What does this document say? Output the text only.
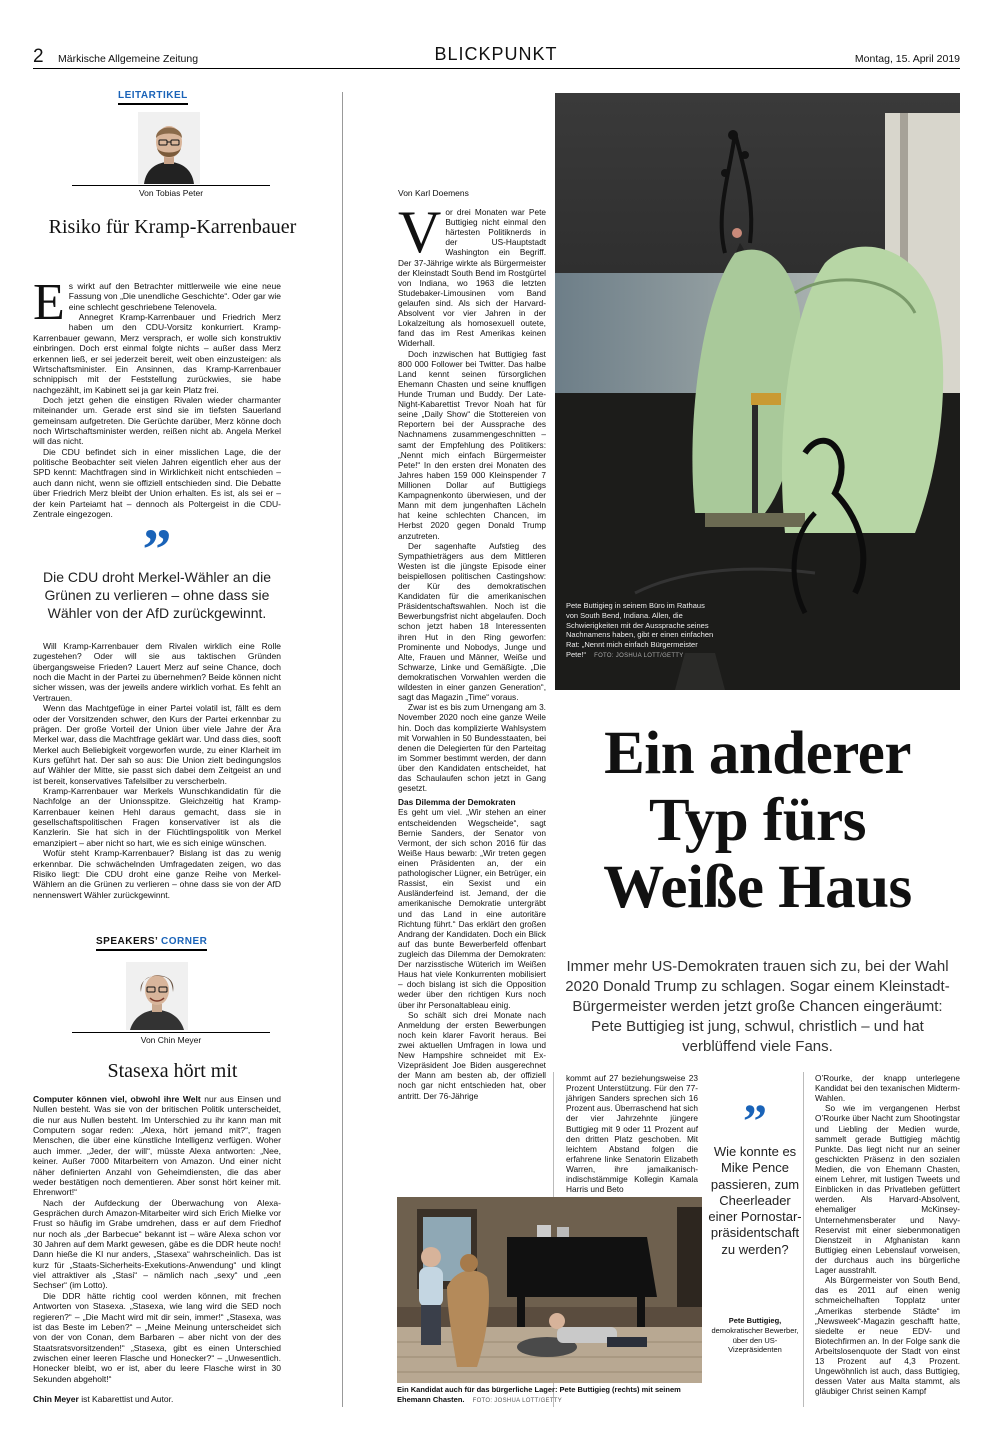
2 Märkische Allgemeine Zeitung	BLICKPUNKT	Montag, 15. April 2019
LEITARTIKEL
Von Tobias Peter
Risiko für Kramp-Karrenbauer
E s wirkt auf den Betrachter mittlerweile wie eine neue Fassung von „Die unendliche Geschichte“. Oder gar wie eine schlecht geschriebene Telenovela.

Annegret Kramp-Karrenbauer und Friedrich Merz haben um den CDU-Vorsitz konkurriert. Kramp-Karrenbauer gewann, Merz versprach, er wolle sich konstruktiv einbringen. Doch erst einmal folgte nichts – außer dass Merz erkennen ließ, er sei jederzeit bereit, weit oben einzusteigen: als Wirtschaftsminister. Ein Ansinnen, das Kramp-Karrenbauer schnippisch mit der Feststellung zurückwies, sie habe nachgezählt, im Kabinett sei ja gar kein Platz frei.

Doch jetzt gehen die einstigen Rivalen wieder charmanter miteinander um. Gerade erst sind sie im tiefsten Sauerland gemeinsam aufgetreten. Die Gerüchte darüber, Merz könne doch noch Wirtschaftsminister werden, reißen nicht ab. Angela Merkel will das nicht.

Die CDU befindet sich in einer misslichen Lage, die der politische Beobachter seit vielen Jahren eigentlich eher aus der SPD kennt: Machtfragen sind in Wirklichkeit nicht entschieden – auch dann nicht, wenn sie offiziell entschieden sind. Die Debatte über Friedrich Merz bleibt der Union erhalten. Es ist, als sei er – der kein Parteiamt hat – dennoch als Poltergeist in die CDU-Zentrale eingezogen.

”
Die CDU droht Merkel-Wähler an die Grünen zu verlieren – ohne dass sie Wähler von der AfD zurückgewinnt.

Will Kramp-Karrenbauer dem Rivalen wirklich eine Rolle zugestehen? Oder will sie aus taktischen Gründen übergangsweise Frieden? Lauert Merz auf seine Chance, doch noch die Macht in der Partei zu übernehmen? Beide können nicht sicher wissen, was der jeweils andere wirklich vorhat. Es fehlt an Vertrauen.

Wenn das Machtgefüge in einer Partei volatil ist, fällt es dem oder der Vorsitzenden schwer, den Kurs der Partei erkennbar zu prägen. Der große Vorteil der Union über viele Jahre der Ära Merkel war, dass die Machtfrage geklärt war. Und dass dies, sooft Merkel auch Beliebigkeit vorgeworfen wurde, zu einer Klarheit im Kurs geführt hat. Der sah so aus: Die Union zielt bedingungslos auf Wähler der Mitte, sie passt sich dabei dem Zeitgeist an und ist bereit, konservatives Tafelsilber zu verscherbeln.

Kramp-Karrenbauer war Merkels Wunschkandidatin für die Nachfolge an der Unionsspitze. Gleichzeitig hat Kramp-Karrenbauer keinen Hehl daraus gemacht, dass sie in gesellschaftspolitischen Fragen konservativer ist als die Kanzlerin. Sie hat sich in der Flüchtlingspolitik von Merkel emanzipiert – aber nicht so hart, wie es sich einige wünschen.

Wofür steht Kramp-Karrenbauer? Bislang ist das zu wenig erkennbar. Die schwächelnden Umfragedaten zeigen, wo das Risiko liegt: Die CDU droht eine ganze Reihe von Merkel-Wählern an die Grünen zu verlieren – ohne dass sie von der AfD nennenswert Wähler zurückgewinnt.

SPEAKERS’ CORNER
Von Chin Meyer
Stasexa hört mit

Computer können viel, obwohl ihre Welt nur aus Einsen und Nullen besteht. Was sie von der britischen Politik unterscheidet, die nur aus Nullen besteht. Im Unterschied zu ihr kann man mit Computern sogar reden: „Alexa, hört jemand mit?“, fragen Menschen, die über eine künstliche Intelligenz verfügen. Woher auch immer. „Jeder, der will“, müsste Alexa antworten: „Nee, keiner. Außer 7000 Mitarbeitern von Amazon. Und einer nicht näher definierten Anzahl von Geheimdiensten, die das aber weder bestätigen noch dementieren. Aber sonst hört keiner mit. Ehrenwort!“

Nach der Aufdeckung der Überwachung von Alexa-Gesprächen durch Amazon-Mitarbeiter wird sich Erich Mielke vor Frust so häufig im Grabe umdrehen, dass er auf dem Friedhof nur noch als „der Barbecue“ bekannt ist – wäre Alexa schon vor 30 Jahren auf dem Markt gewesen, gäbe es die DDR heute noch! Dann hieße die KI nur anders, „Stasexa“ wahrscheinlich. Das ist kurz für „Staats-Sicherheits-Exekutions-Anwendung“ und klingt viel attraktiver als „Stasi“ – nämlich nach „sexy“ und „een Sechser“ (im Lotto).

Die DDR hätte richtig cool werden können, mit frechen Antworten von Stasexa. „Stasexa, wie lang wird die SED noch regieren?“ – „Die Macht wird mit dir sein, immer!“ „Stasexa, was ist das Beste im Leben?“ – „Meine Meinung unterscheidet sich von der von Conan, dem Barbaren – aber nicht von der des Staatsratsvorsitzenden!“ „Stasexa, gibt es einen Unterschied zwischen einer leeren Flasche und Honecker?“ – „Unwesentlich. Honecker bleibt, wo er ist, aber du leere Flasche wirst in 30 Sekunden abgeholt!“

Chin Meyer ist Kabarettist und Autor.
Von Karl Doemens
V or drei Monaten war Pete Buttigieg nicht einmal den härtesten Politiknerds in der US-Hauptstadt Washington ein Begriff. Der 37-Jährige wirkte als Bürgermeister der Kleinstadt South Bend im Rostgürtel von Indiana, wo 1963 die letzten Studebaker-Limousinen vom Band gelaufen sind. Als sich der Harvard-Absolvent vor vier Jahren in der Lokalzeitung als homosexuell outete, fand das im Rest Amerikas keinen Widerhall.

Doch inzwischen hat Buttigieg fast 800 000 Follower bei Twitter. Das halbe Land kennt seinen fürsorglichen Ehemann Chasten und seine knuffigen Hunde Truman und Buddy. Der Late-Night-Kabarettist Trevor Noah hat für seine „Daily Show“ die Stottereien von Reportern bei der Aussprache des Nachnamens zusammengeschnitten – samt der Empfehlung des Politikers: „Nennt mich einfach Bürgermeister Pete!“ In den ersten drei Monaten des Jahres haben 159 000 Kleinspender 7 Millionen Dollar auf Buttigiegs Kampagnenkonto überwiesen, und der Mann mit dem jungenhaften Lächeln hat keine schlechten Chancen, im Herbst 2020 gegen Donald Trump anzutreten.

Der sagenhafte Aufstieg des Sympathieträgers aus dem Mittleren Westen ist die jüngste Episode einer beispiellosen politischen Castingshow: der Kür des demokratischen Kandidaten für die amerikanischen Präsidentschaftswahlen. Noch ist die Bewerbungsfrist nicht abgelaufen. Doch schon jetzt haben 18 Interessenten ihren Hut in den Ring geworfen: Prominente und Nobodys, Junge und Alte, Frauen und Männer, Weiße und Schwarze, Linke und Gemäßigte. „Die demokratischen Vorwahlen werden die wildesten in einer ganzen Generation“, sagt das Magazin „Time“ voraus.

Zwar ist es bis zum Urnengang am 3. November 2020 noch eine ganze Weile hin. Doch das komplizierte Wahlsystem mit Vorwahlen in 50 Bundesstaaten, bei denen die Delegierten für den Parteitag im Sommer bestimmt werden, der dann über den Kandidaten entscheidet, hat das Schaulaufen schon jetzt in Gang gesetzt.

Das Dilemma der Demokraten

Es geht um viel. „Wir stehen an einer entscheidenden Wegscheide“, sagt Bernie Sanders, der Senator von Vermont, der sich schon 2016 für das Weiße Haus bewarb: „Wir treten gegen einen Präsidenten an, der ein pathologischer Lügner, ein Betrüger, ein Rassist, ein Sexist und ein Ausländerfeind ist. Jemand, der die amerikanische Demokratie untergräbt und das Land in eine autoritäre Richtung führt.“ Das erklärt den großen Andrang der Kandidaten. Doch ein Blick auf das bunte Bewerberfeld offenbart zugleich das Dilemma der Demokraten: Der narzisstische Wüterich im Weißen Haus hat viele Konkurrenten mobilisiert – doch bislang ist sich die Opposition weder über den richtigen Kurs noch über ihr Personaltableau einig.

So schält sich drei Monate nach Anmeldung der ersten Bewerbungen noch kein klarer Favorit heraus. Bei zwei aktuellen Umfragen in Iowa und New Hampshire schneidet mit Ex-Vizepräsident Joe Biden ausgerechnet der Mann am besten ab, der offiziell noch gar nicht entschieden hat, ober antritt. Der 76-Jährige

Pete Buttigieg in seinem Büro im Rathaus von South Bend, Indiana. Allen, die Schwierigkeiten mit der Aussprache seines Nachnamens haben, gibt er einen einfachen Rat: „Nennt mich einfach Bürgermeister Pete!“ FOTO: JOSHUA LOTT/GETTY
Ein anderer
Typ fürs
Weiße Haus
Immer mehr US-Demokraten trauen sich zu, bei der Wahl 2020 Donald Trump zu schlagen. Sogar einem Kleinstadt-Bürgermeister werden jetzt große Chancen eingeräumt: Pete Buttigieg ist jung, schwul, christlich – und hat verblüffend viele Fans.

kommt auf 27 beziehungsweise 23 Prozent Unterstützung. Für den 77-jährigen Sanders sprechen sich 16 Prozent aus. Überraschend hat sich der vier Jahrzehnte jüngere Buttigieg mit 9 oder 11 Prozent auf den dritten Platz geschoben. Mit leichtem Abstand folgen die erfahrene linke Senatorin Elizabeth Warren, ihre jamaikanisch-indischstämmige Kollegin Kamala Harris und Beto

”
Wie konnte es Mike Pence passieren, zum Cheerleader einer Pornostar-präsidentschaft zu werden?
Pete Buttigieg,
demokratischer Bewerber, über den US-Vizepräsidenten
Ein Kandidat auch für das bürgerliche Lager: Pete Buttigieg (rechts) mit seinem Ehemann Chasten. FOTO: JOSHUA LOTT/GETTY

O’Rourke, der knapp unterlegene Kandidat bei den texanischen Midterm-Wahlen.

So wie im vergangenen Herbst O’Rourke über Nacht zum Shootingstar und Liebling der Medien wurde, sammelt gerade Buttigieg mächtig Punkte. Das liegt nicht nur an seiner geschickten Präsenz in den sozialen Medien, die von Ehemann Chasten, einem Lehrer, mit lustigen Tweets und Einblicken in das Privatleben gefüttert werden. Als Harvard-Absolvent, ehemaliger McKinsey-Unternehmensberater und Navy-Reservist mit einer siebenmonatigen Dienstzeit in Afghanistan kann Buttigieg einen Lebenslauf vorweisen, der durchaus auch ins bürgerliche Lager ausstrahlt.

Als Bürgermeister von South Bend, das es 2011 auf einen wenig schmeichelhaften Topplatz unter „Amerikas sterbende Städte“ im „Newsweek“-Magazin geschafft hatte, siedelte er neue EDV- und Biotechfirmen an. In der Folge sank die Arbeitslosenquote der Stadt von einst 13 Prozent auf 4,3 Prozent. Ungewöhnlich ist auch, dass Buttigieg, dessen Vater aus Malta stammt, als gläubiger Christ seinen Kampf
